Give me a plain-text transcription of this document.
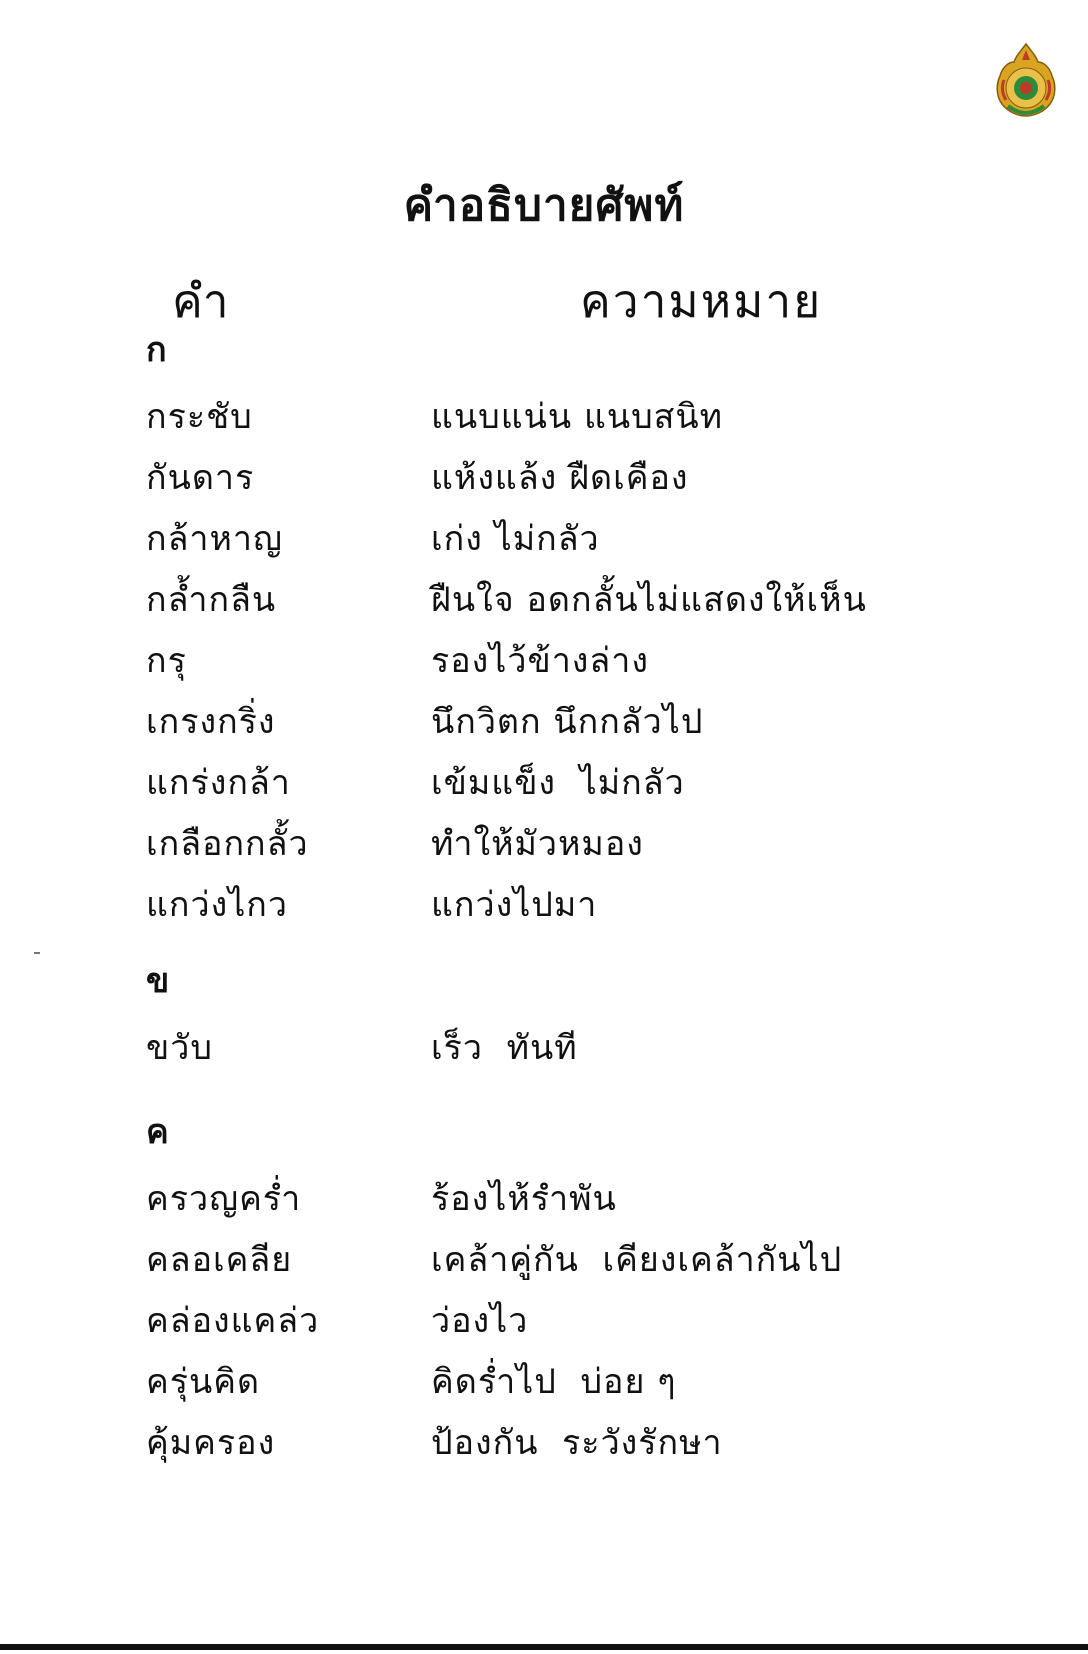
คำอธิบายศัพท์
คำ	ความหมาย
ก
กระชับ	แนบแน่น แนบสนิท
กันดาร	แห้งแล้ง ฝืดเคือง
กล้าหาญ	เก่ง ไม่กลัว
กล้ำกลืน	ฝืนใจ อดกลั้นไม่แสดงให้เห็น
กรุ	รองไว้ข้างล่าง
เกรงกริ่ง	นึกวิตก นึกกลัวไป
แกร่งกล้า	เข้มแข็ง  ไม่กลัว
เกลือกกลั้ว	ทำให้มัวหมอง
แกว่งไกว	แกว่งไปมา
ข
ขวับ	เร็ว  ทันที
ค
ครวญคร่ำ	ร้องไห้รำพัน
คลอเคลีย	เคล้าคู่กัน  เคียงเคล้ากันไป
คล่องแคล่ว	ว่องไว
ครุ่นคิด	คิดร่ำไป  บ่อย ๆ
คุ้มครอง	ป้องกัน  ระวังรักษา
